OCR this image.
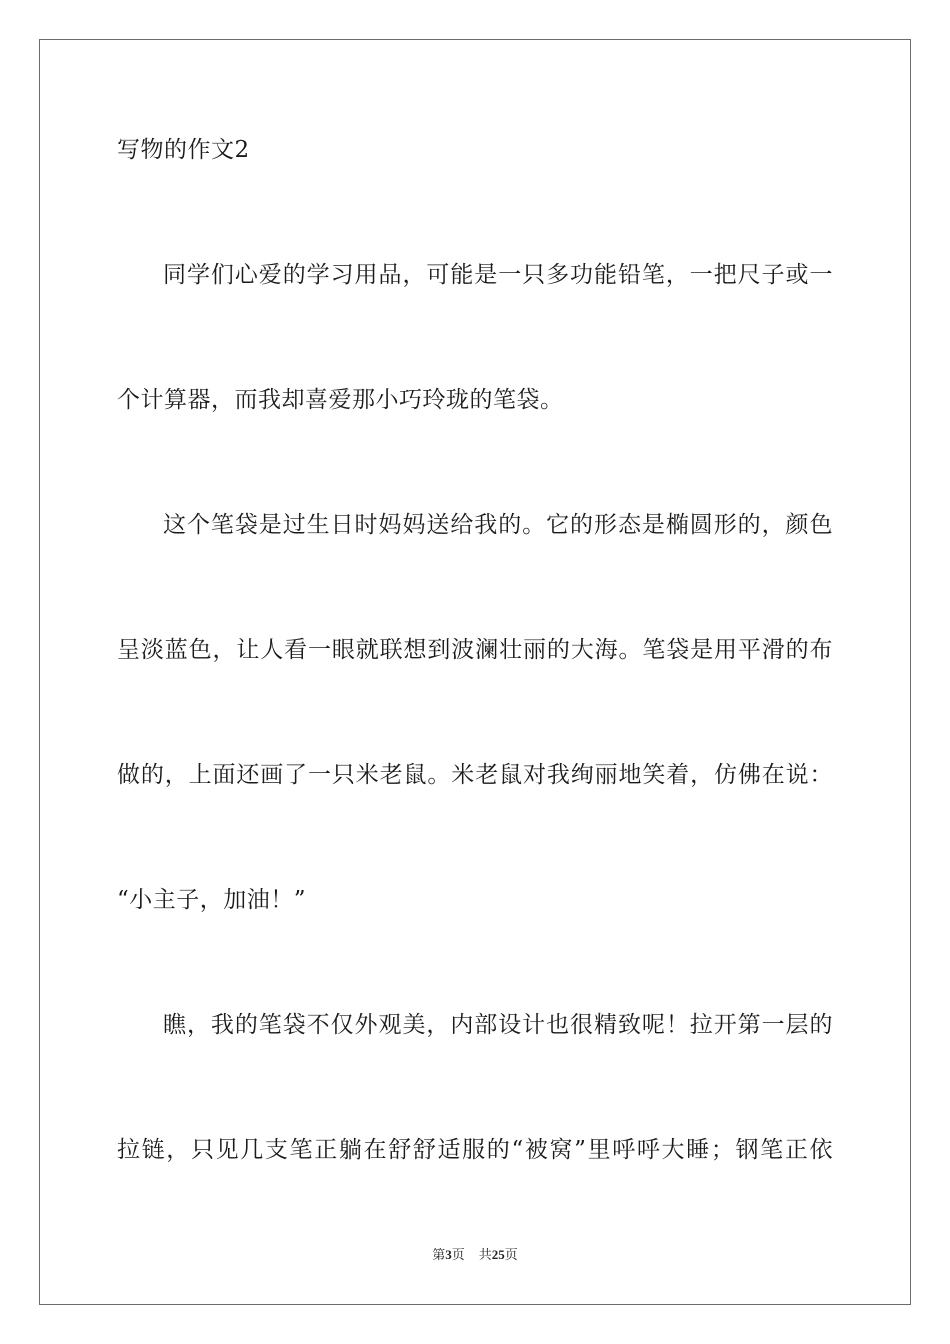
写物的作文2
同学们心爱的学习用品，可能是一只多功能铅笔，一把尺子或一
个计算器，而我却喜爱那小巧玲珑的笔袋。
这个笔袋是过生日时妈妈送给我的。它的形态是椭圆形的，颜色
呈淡蓝色，让人看一眼就联想到波澜壮丽的大海。笔袋是用平滑的布
做的，上面还画了一只米老鼠。米老鼠对我绚丽地笑着，仿佛在说：
“小主子，加油！”
瞧，我的笔袋不仅外观美，内部设计也很精致呢！拉开第一层的
拉链，只见几支笔正躺在舒舒适服的“被窝”里呼呼大睡；钢笔正依
第3页 共25页
